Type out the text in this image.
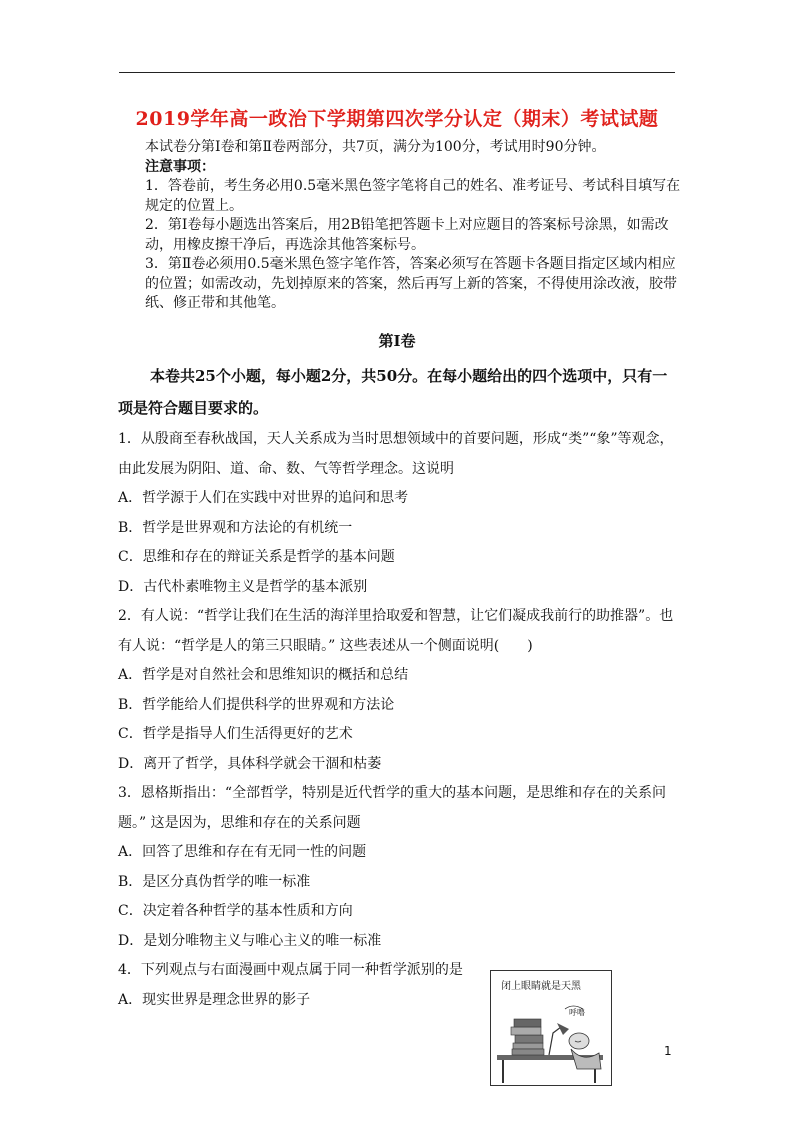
2019学年高一政治下学期第四次学分认定（期末）考试试题

本试卷分第Ⅰ卷和第Ⅱ卷两部分，共7页，满分为100分，考试用时90分钟。

注意事项：

1．答卷前，考生务必用0.5毫米黑色签字笔将自己的姓名、准考证号、考试科目填写在规定的位置上。

2．第Ⅰ卷每小题选出答案后，用2B铅笔把答题卡上对应题目的答案标号涂黑，如需改动，用橡皮擦干净后，再选涂其他答案标号。

3．第Ⅱ卷必须用0.5毫米黑色签字笔作答，答案必须写在答题卡各题目指定区域内相应的位置；如需改动，先划掉原来的答案，然后再写上新的答案，不得使用涂改液，胶带纸、修正带和其他笔。

第Ⅰ卷
本卷共25个小题，每小题2分，共50分。在每小题给出的四个选项中，只有一项是符合题目要求的。

1．从殷商至春秋战国，天人关系成为当时思想领域中的首要问题，形成“类”“象”等观念，由此发展为阴阳、道、命、数、气等哲学理念。这说明

A．哲学源于人们在实践中对世界的追问和思考

B．哲学是世界观和方法论的有机统一

C．思维和存在的辩证关系是哲学的基本问题

D．古代朴素唯物主义是哲学的基本派别

2．有人说：“哲学让我们在生活的海洋里拾取爱和智慧，让它们凝成我前行的助推器”。也有人说：“哲学是人的第三只眼睛。” 这些表述从一个侧面说明(　　)

A．哲学是对自然社会和思维知识的概括和总结

B．哲学能给人们提供科学的世界观和方法论

C．哲学是指导人们生活得更好的艺术

D．离开了哲学，具体科学就会干涸和枯萎

3．恩格斯指出：“全部哲学，特别是近代哲学的重大的基本问题，是思维和存在的关系问题。” 这是因为，思维和存在的关系问题

A．回答了思维和存在有无同一性的问题

B．是区分真伪哲学的唯一标准

C．决定着各种哲学的基本性质和方向

D．是划分唯物主义与唯心主义的唯一标准

4．下列观点与右面漫画中观点属于同一种哲学派别的是

A．现实世界是理念世界的影子

闭上眼睛就是天黑
呼噜
1
